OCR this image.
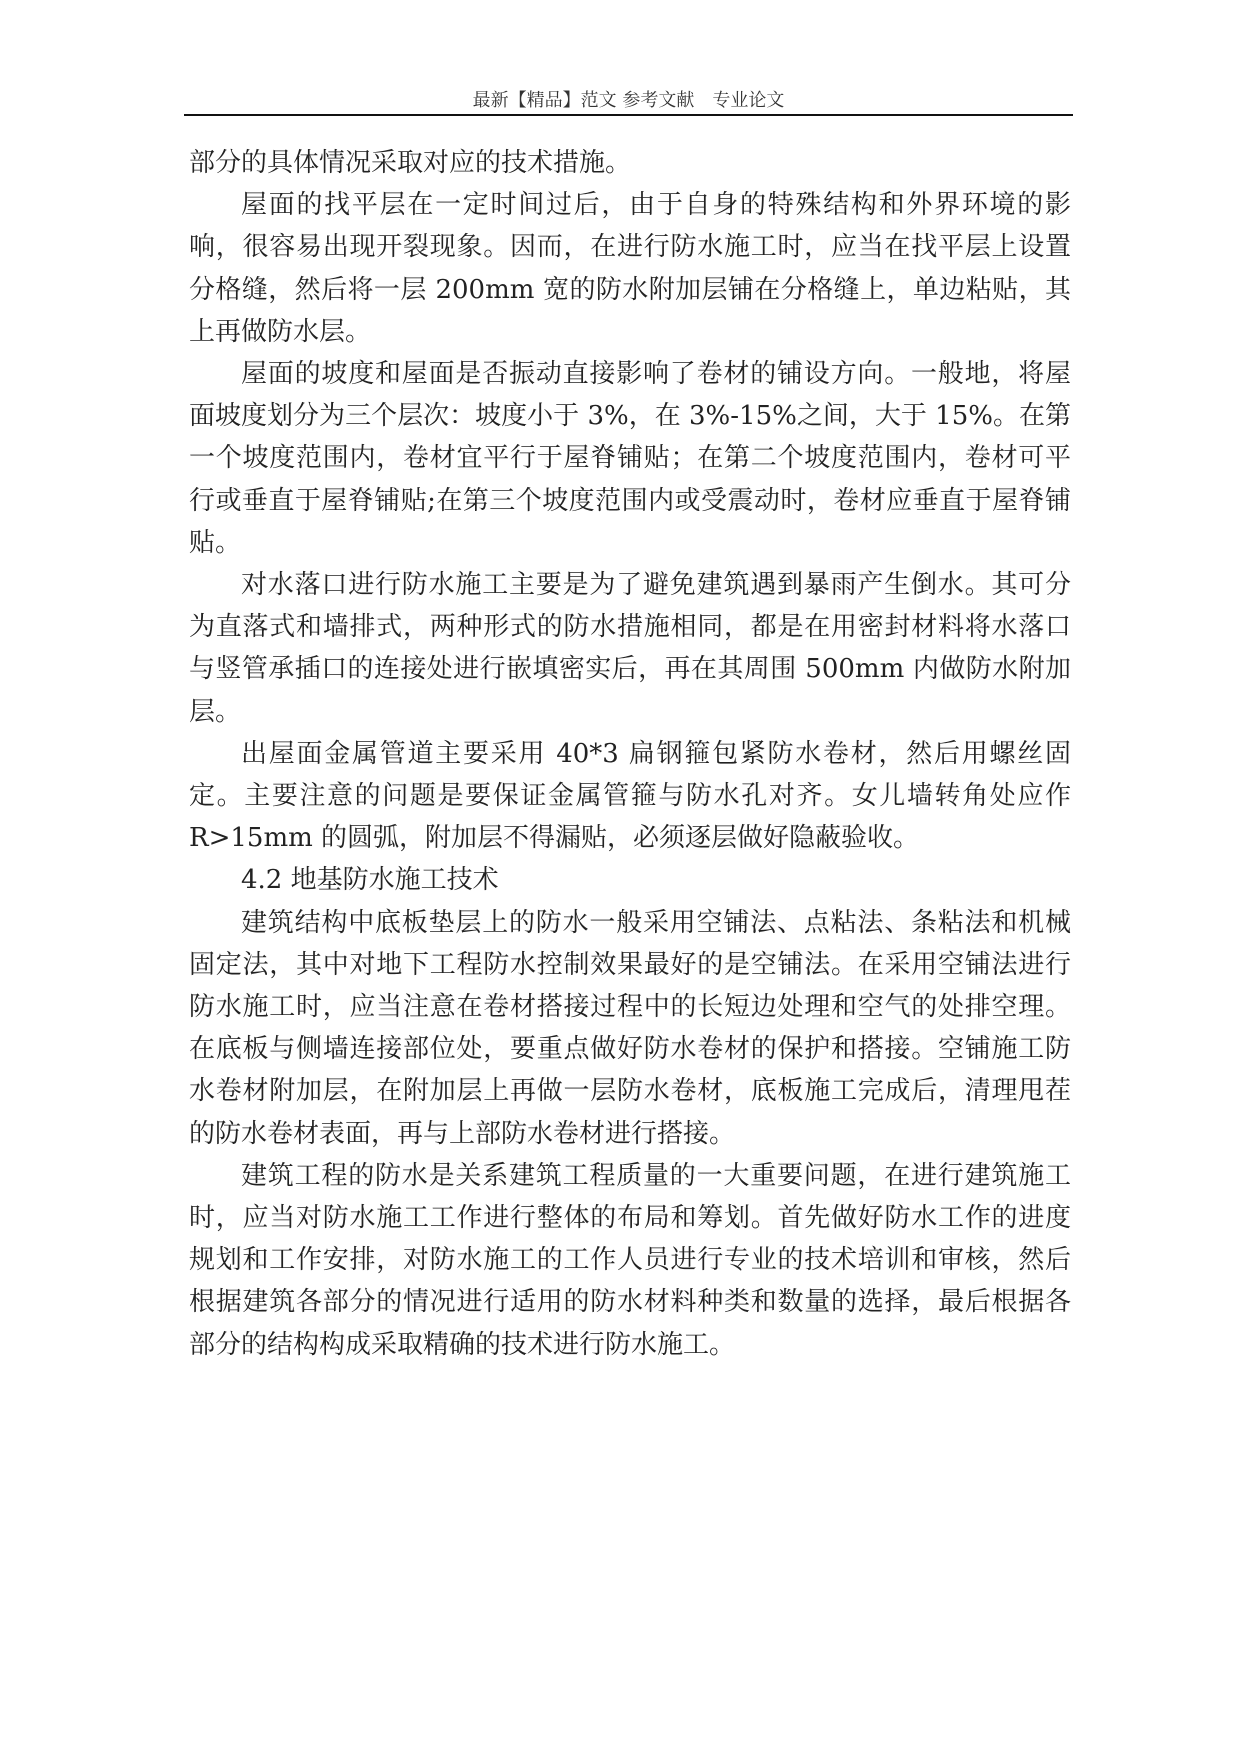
最新【精品】范文 参考文献　专业论文

部分的具体情况采取对应的技术措施。

屋面的找平层在一定时间过后，由于自身的特殊结构和外界环境的影响，很容易出现开裂现象。因而，在进行防水施工时，应当在找平层上设置分格缝，然后将一层 200mm 宽的防水附加层铺在分格缝上，单边粘贴，其上再做防水层。

屋面的坡度和屋面是否振动直接影响了卷材的铺设方向。一般地，将屋面坡度划分为三个层次：坡度小于 3%，在 3%-15%之间，大于 15%。在第一个坡度范围内，卷材宜平行于屋脊铺贴；在第二个坡度范围内，卷材可平行或垂直于屋脊铺贴;在第三个坡度范围内或受震动时，卷材应垂直于屋脊铺贴。

对水落口进行防水施工主要是为了避免建筑遇到暴雨产生倒水。其可分为直落式和墙排式，两种形式的防水措施相同，都是在用密封材料将水落口与竖管承插口的连接处进行嵌填密实后，再在其周围 500mm 内做防水附加层。

出屋面金属管道主要采用 40*3 扁钢箍包紧防水卷材，然后用螺丝固定。主要注意的问题是要保证金属管箍与防水孔对齐。女儿墙转角处应作 R>15mm 的圆弧，附加层不得漏贴，必须逐层做好隐蔽验收。

4.2 地基防水施工技术

建筑结构中底板垫层上的防水一般采用空铺法、点粘法、条粘法和机械固定法，其中对地下工程防水控制效果最好的是空铺法。在采用空铺法进行防水施工时，应当注意在卷材搭接过程中的长短边处理和空气的处排空理。在底板与侧墙连接部位处，要重点做好防水卷材的保护和搭接。空铺施工防水卷材附加层，在附加层上再做一层防水卷材，底板施工完成后，清理甩茬的防水卷材表面，再与上部防水卷材进行搭接。

建筑工程的防水是关系建筑工程质量的一大重要问题，在进行建筑施工时，应当对防水施工工作进行整体的布局和筹划。首先做好防水工作的进度规划和工作安排，对防水施工的工作人员进行专业的技术培训和审核，然后根据建筑各部分的情况进行适用的防水材料种类和数量的选择，最后根据各部分的结构构成采取精确的技术进行防水施工。
